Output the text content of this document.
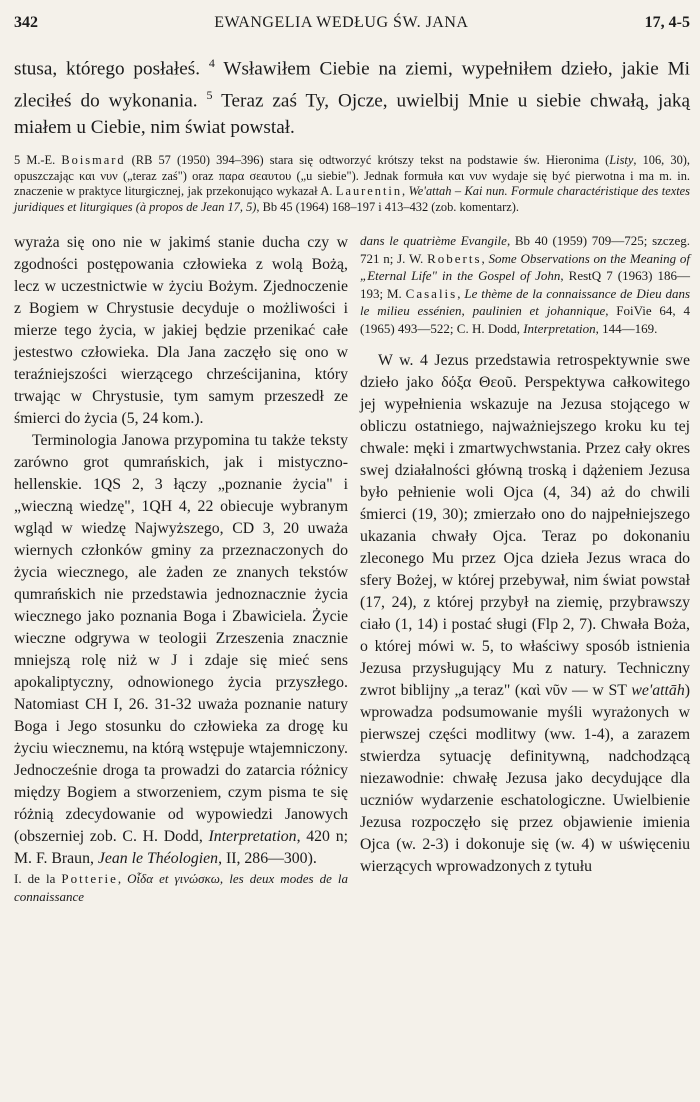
342	EWANGELIA WEDŁUG ŚW. JANA	17, 4-5
stusa, którego posłałeś. $^4$ Wsławiłem Ciebie na ziemi, wypełniłem dzieło, jakie Mi zleciłeś do wykonania. $^5$ Teraz zaś Ty, Ojcze, uwielbij Mnie u siebie chwałą, jaką miałem u Ciebie, nim świat powstał.
5 M.-E. Boismard (RB 57 (1950) 394–396) stara się odtworzyć krótszy tekst na podstawie św. Hieronima (Listy, 106, 30), opuszczając και νυν („teraz zaś") oraz παρα σεαυτου („u siebie"). Jednak formuła και νυν wydaje się być pierwotna i ma m. in. znaczenie w praktyce liturgicznej, jak przekonująco wykazał A. Laurentin, We'attah – Kai nun. Formule charactéristique des textes juridiques et liturgiques (à propos de Jean 17, 5), Bb 45 (1964) 168–197 i 413–432 (zob. komentarz).

wyraża się ono nie w jakimś stanie ducha czy w zgodności postępowania człowieka z wolą Bożą, lecz w uczestnictwie w życiu Bożym. Zjednoczenie z Bogiem w Chrystusie decyduje o możliwości i mierze tego życia, w jakiej będzie przenikać całe jestestwo człowieka. Dla Jana zaczęło się ono w teraźniejszości wierzącego chrześcijanina, który trwając w Chrystusie, tym samym przeszedł ze śmierci do życia (5, 24 kom.).

Terminologia Janowa przypomina tu także teksty zarówno grot qumrańskich, jak i mistyczno-hellenskie. 1QS 2, 3 łączy „poznanie życia" i „wieczną wiedzę", 1QH 4, 22 obiecuje wybranym wgląd w wiedzę Najwyższego, CD 3, 20 uważa wiernych członków gminy za przeznaczonych do życia wiecznego, ale żaden ze znanych tekstów qumrańskich nie przedstawia jednoznacznie życia wiecznego jako poznania Boga i Zbawiciela. Życie wieczne odgrywa w teologii Zrzeszenia znacznie mniejszą rolę niż w J i zdaje się mieć sens apokaliptyczny, odnowionego życia przyszłego. Natomiast CH I, 26. 31-32 uważa poznanie natury Boga i Jego stosunku do człowieka za drogę ku życiu wiecznemu, na którą wstępuje wtajemniczony. Jednocześnie droga ta prowadzi do zatarcia różnicy między Bogiem a stworzeniem, czym pisma te się różnią zdecydowanie od wypowiedzi Janowych (obszerniej zob. C. H. Dodd, Interpretation, 420 n; M. F. Braun, Jean le Théologien, II, 286—300).

I. de la Potterie, Οἶδα et γινώσκω, les deux modes de la connaissance

dans le quatrième Evangile, Bb 40 (1959) 709—725; szczeg. 721 n; J. W. Roberts, Some Observations on the Meaning of „Eternal Life" in the Gospel of John, RestQ 7 (1963) 186—193; M. Casalis, Le thème de la connaissance de Dieu dans le milieu essénien, paulinien et johannique, FoiVie 64, 4 (1965) 493—522; C. H. Dodd, Interpretation, 144—169.

W w. 4 Jezus przedstawia retrospektywnie swe dzieło jako δόξα Θεοῦ. Perspektywa całkowitego jej wypełnienia wskazuje na Jezusa stojącego w obliczu ostatniego, najważniejszego kroku ku tej chwale: męki i zmartwychwstania. Przez cały okres swej działalności główną troską i dążeniem Jezusa było pełnienie woli Ojca (4, 34) aż do chwili śmierci (19, 30); zmierzało ono do najpełniejszego ukazania chwały Ojca. Teraz po dokonaniu zleconego Mu przez Ojca dzieła Jezus wraca do sfery Bożej, w której przebywał, nim świat powstał (17, 24), z której przybył na ziemię, przybrawszy ciało (1, 14) i postać sługi (Flp 2, 7). Chwała Boża, o której mówi w. 5, to właściwy sposób istnienia Jezusa przysługujący Mu z natury. Techniczny zwrot biblijny „a teraz" (καὶ νῦν — w ST we'attāh) wprowadza podsumowanie myśli wyrażonych w pierwszej części modlitwy (ww. 1-4), a zarazem stwierdza sytuację definitywną, nadchodzącą niezawodnie: chwałę Jezusa jako decydujące dla uczniów wydarzenie eschatologiczne. Uwielbienie Jezusa rozpoczęło się przez objawienie imienia Ojca (w. 2-3) i dokonuje się (w. 4) w uświęceniu wierzących wprowadzonych z tytułu
